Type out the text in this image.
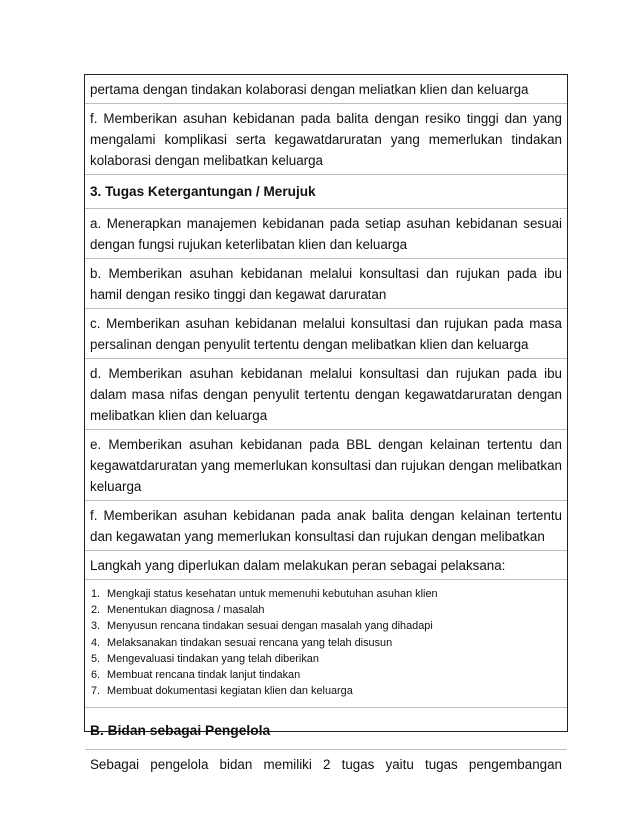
pertama dengan tindakan kolaborasi dengan meliatkan klien dan keluarga
f. Memberikan asuhan kebidanan pada balita dengan resiko tinggi dan yang mengalami komplikasi serta kegawatdaruratan yang memerlukan tindakan kolaborasi dengan melibatkan keluarga
3. Tugas Ketergantungan / Merujuk
a. Menerapkan manajemen kebidanan pada setiap asuhan kebidanan sesuai dengan fungsi rujukan keterlibatan klien dan keluarga
b. Memberikan asuhan kebidanan melalui konsultasi dan rujukan pada ibu hamil dengan resiko tinggi dan kegawat daruratan
c. Memberikan asuhan kebidanan melalui konsultasi dan rujukan pada masa persalinan dengan penyulit tertentu dengan melibatkan klien dan keluarga
d. Memberikan asuhan kebidanan melalui konsultasi dan rujukan pada ibu dalam masa nifas dengan penyulit tertentu dengan kegawatdaruratan dengan melibatkan klien dan keluarga
e. Memberikan asuhan kebidanan pada BBL dengan kelainan tertentu dan kegawatdaruratan yang memerlukan konsultasi dan rujukan dengan melibatkan keluarga
f. Memberikan asuhan kebidanan pada anak balita dengan kelainan tertentu dan kegawatan yang memerlukan konsultasi dan rujukan dengan melibatkan
Langkah yang diperlukan dalam melakukan peran sebagai pelaksana:
1. Mengkaji status kesehatan untuk memenuhi kebutuhan asuhan klien
2. Menentukan diagnosa / masalah
3. Menyusun rencana tindakan sesuai dengan masalah yang dihadapi
4. Melaksanakan tindakan sesuai rencana yang telah disusun
5. Mengevaluasi tindakan yang telah diberikan
6. Membuat rencana tindak lanjut tindakan
7. Membuat dokumentasi kegiatan klien dan keluarga
B. Bidan sebagai Pengelola
Sebagai pengelola bidan memiliki 2 tugas yaitu tugas pengembangan
